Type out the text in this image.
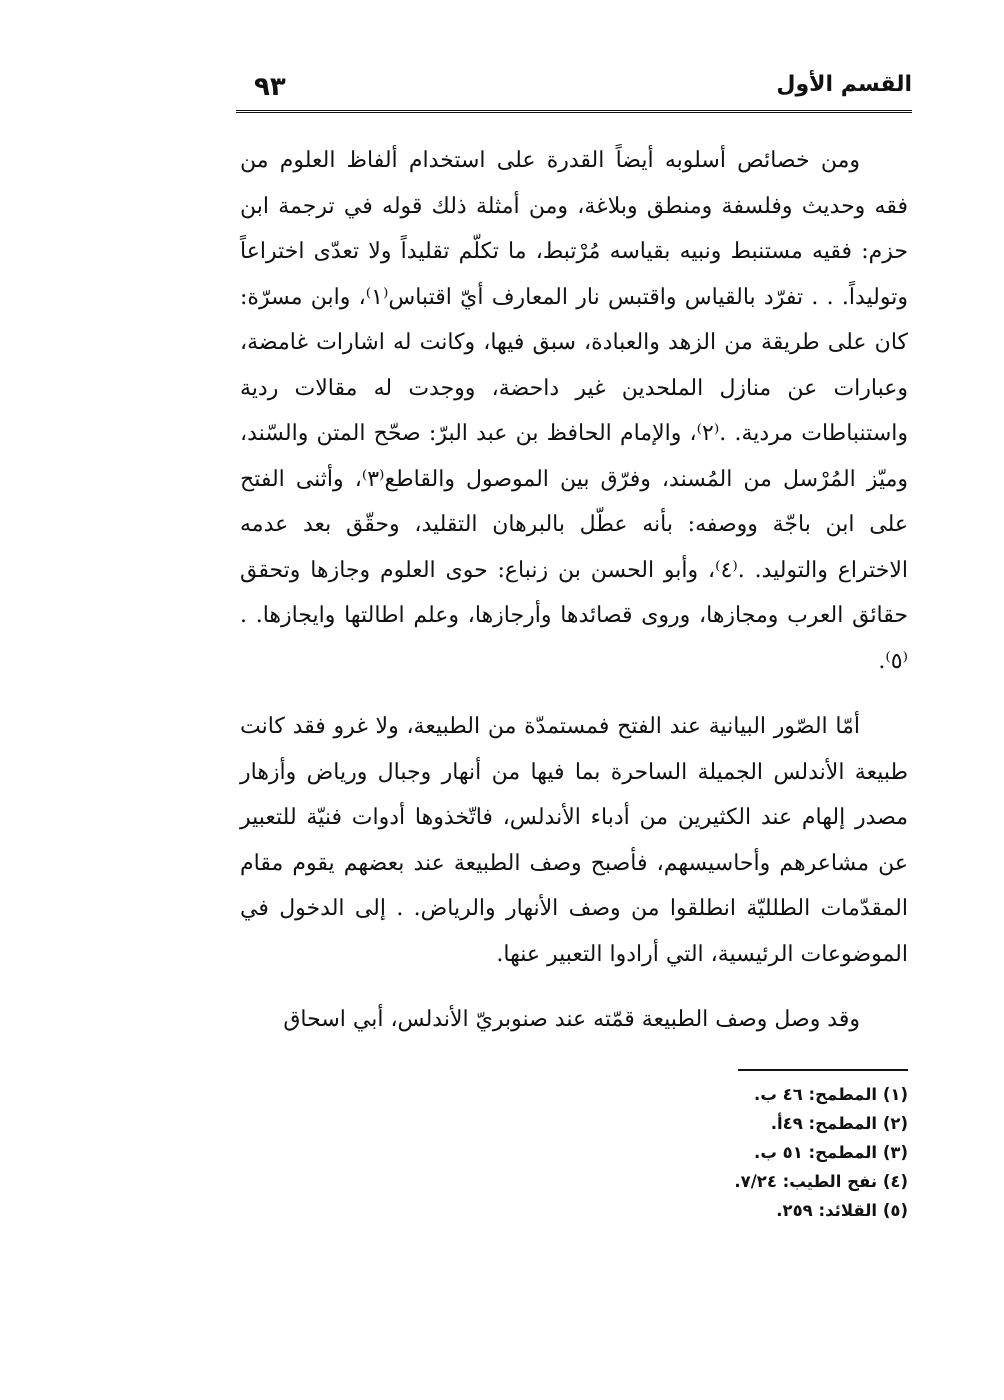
القسم الأول
٩٣

ومن خصائص أسلوبه أيضاً القدرة على استخدام ألفاظ العلوم من فقه وحديث وفلسفة ومنطق وبلاغة، ومن أمثلة ذلك قوله في ترجمة ابن حزم: فقيه مستنبط ونبيه بقياسه مُرْتبط، ما تكلّم تقليداً ولا تعدّى اختراعاً وتوليداً. . . تفرّد بالقياس واقتبس نار المعارف أيّ اقتباس⁽١⁾، وابن مسرّة: كان على طريقة من الزهد والعبادة، سبق فيها، وكانت له اشارات غامضة، وعبارات عن منازل الملحدين غير داحضة، ووجدت له مقالات ردية واستنباطات مردية. .⁽٢⁾، والإمام الحافظ بن عبد البرّ: صحّح المتن والسّند، وميّز المُرْسل من المُسند، وفرّق بين الموصول والقاطع⁽٣⁾، وأثنى الفتح على ابن باجّة ووصفه: بأنه عطّل بالبرهان التقليد، وحقّق بعد عدمه الاختراع والتوليد. .⁽٤⁾، وأبو الحسن بن زنباع: حوى العلوم وجازها وتحقق حقائق العرب ومجازها، وروى قصائدها وأرجازها، وعلم اطالتها وايجازها. .⁽٥⁾.

أمّا الصّور البيانية عند الفتح فمستمدّة من الطبيعة، ولا غرو فقد كانت طبيعة الأندلس الجميلة الساحرة بما فيها من أنهار وجبال ورياض وأزهار مصدر إلهام عند الكثيرين من أدباء الأندلس، فاتّخذوها أدوات فنيّة للتعبير عن مشاعرهم وأحاسيسهم، فأصبح وصف الطبيعة عند بعضهم يقوم مقام المقدّمات الطلليّة انطلقوا من وصف الأنهار والرياض. . إلى الدخول في الموضوعات الرئيسية، التي أرادوا التعبير عنها.

وقد وصل وصف الطبيعة قمّته عند صنوبريّ الأندلس، أبي اسحاق

(١) المطمح: ٤٦ ب.
(٢) المطمح: ٤٩أ.
(٣) المطمح: ٥١ ب.
(٤) نفح الطيب: ٧/٢٤.
(٥) القلائد: ٢٥٩.
